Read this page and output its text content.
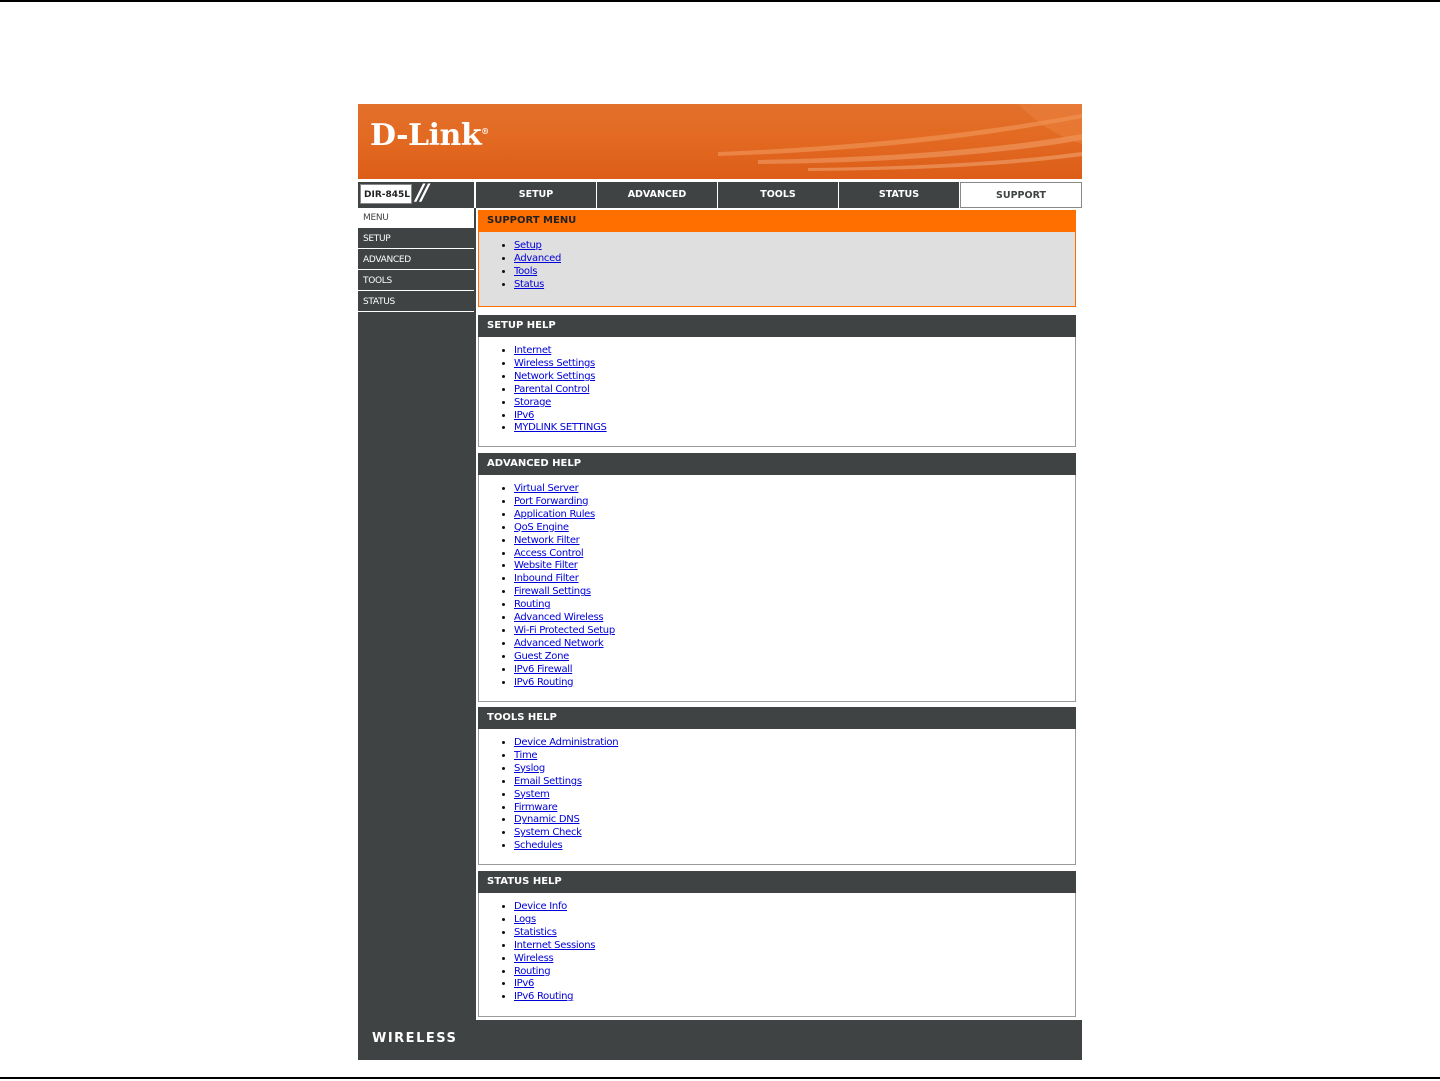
D-Link®
DIR-845L //	SETUP	ADVANCED	TOOLS	STATUS	SUPPORT
MENU
SETUP
ADVANCED
TOOLS
STATUS
SUPPORT MENU
• Setup
• Advanced
• Tools
• Status
SETUP HELP
• Internet
• Wireless Settings
• Network Settings
• Parental Control
• Storage
• IPv6
• MYDLINK SETTINGS
ADVANCED HELP
• Virtual Server
• Port Forwarding
• Application Rules
• QoS Engine
• Network Filter
• Access Control
• Website Filter
• Inbound Filter
• Firewall Settings
• Routing
• Advanced Wireless
• Wi-Fi Protected Setup
• Advanced Network
• Guest Zone
• IPv6 Firewall
• IPv6 Routing
TOOLS HELP
• Device Administration
• Time
• Syslog
• Email Settings
• System
• Firmware
• Dynamic DNS
• System Check
• Schedules
STATUS HELP
• Device Info
• Logs
• Statistics
• Internet Sessions
• Wireless
• Routing
• IPv6
• IPv6 Routing
WIRELESS
